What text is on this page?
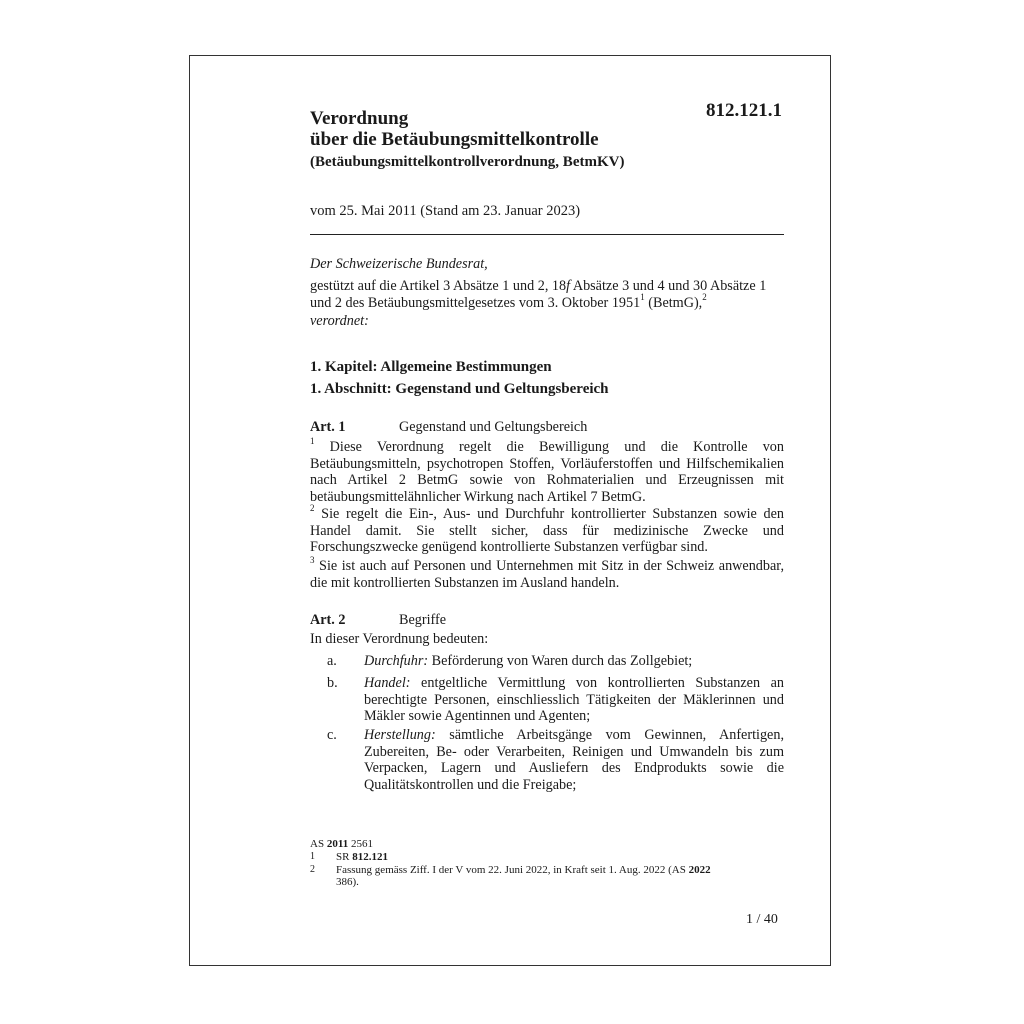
812.121.1
Verordnung
über die Betäubungsmittelkontrolle
(Betäubungsmittelkontrollverordnung, BetmKV)
vom 25. Mai 2011 (Stand am 23. Januar 2023)
Der Schweizerische Bundesrat,
gestützt auf die Artikel 3 Absätze 1 und 2, 18f Absätze 3 und 4 und 30 Absätze 1 und 2 des Betäubungsmittelgesetzes vom 3. Oktober 1951$^1$ (BetmG),$^2$
verordnet:
1. Kapitel: Allgemeine Bestimmungen
1. Abschnitt: Gegenstand und Geltungsbereich
Art. 1	Gegenstand und Geltungsbereich
$^1$ Diese Verordnung regelt die Bewilligung und die Kontrolle von Betäubungsmitteln, psychotropen Stoffen, Vorläuferstoffen und Hilfschemikalien nach Artikel 2 BetmG sowie von Rohmaterialien und Erzeugnissen mit betäubungsmittelähnlicher Wirkung nach Artikel 7 BetmG.
$^2$ Sie regelt die Ein-, Aus- und Durchfuhr kontrollierter Substanzen sowie den Handel damit. Sie stellt sicher, dass für medizinische Zwecke und Forschungszwecke genügend kontrollierte Substanzen verfügbar sind.
$^3$ Sie ist auch auf Personen und Unternehmen mit Sitz in der Schweiz anwendbar, die mit kontrollierten Substanzen im Ausland handeln.
Art. 2	Begriffe
In dieser Verordnung bedeuten:
a. Durchfuhr: Beförderung von Waren durch das Zollgebiet;
b. Handel: entgeltliche Vermittlung von kontrollierten Substanzen an berechtigte Personen, einschliesslich Tätigkeiten der Mäklerinnen und Mäkler sowie Agentinnen und Agenten;
c. Herstellung: sämtliche Arbeitsgänge vom Gewinnen, Anfertigen, Zubereiten, Be- oder Verarbeiten, Reinigen und Umwandeln bis zum Verpacken, Lagern und Ausliefern des Endprodukts sowie die Qualitätskontrollen und die Freigabe;
AS 2011 2561
1 SR 812.121
2 Fassung gemäss Ziff. I der V vom 22. Juni 2022, in Kraft seit 1. Aug. 2022 (AS 2022 386).
1 / 40
